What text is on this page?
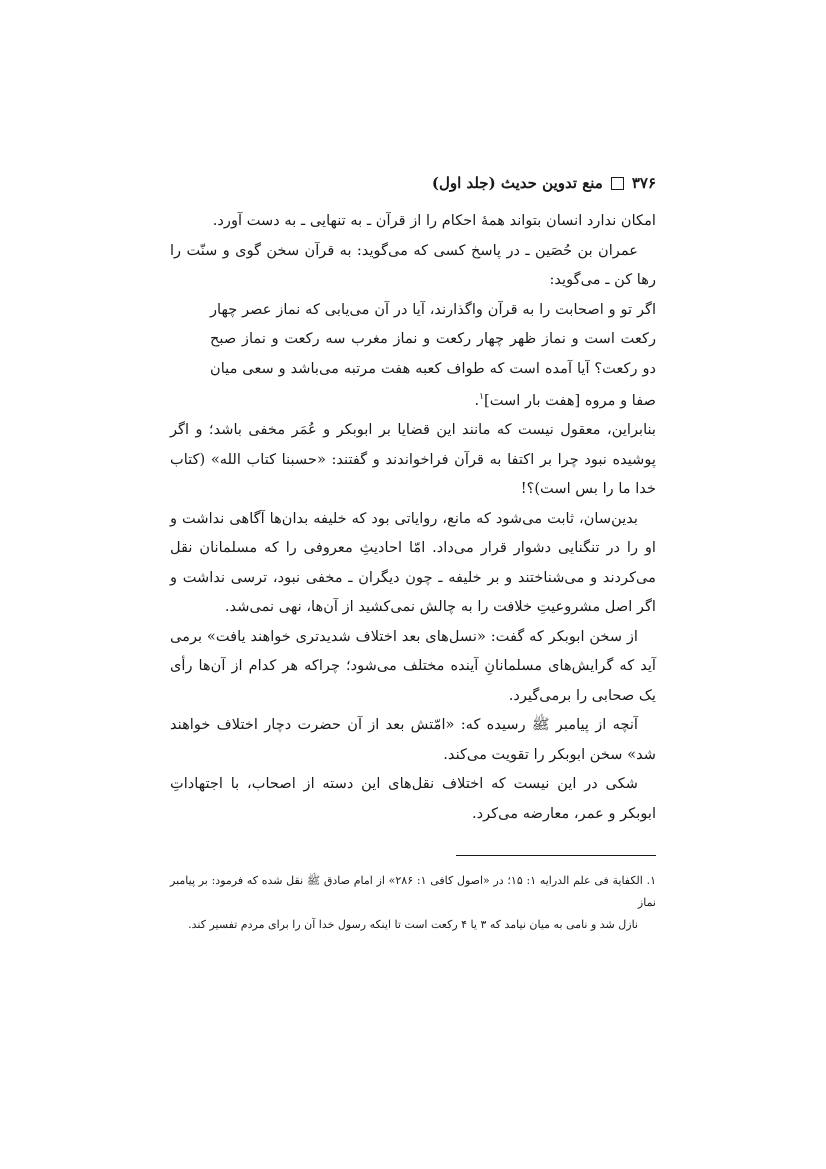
۳۷۶
منع تدوین حدیث (جلد اول)

امکان ندارد انسان بتواند همهٔ احکام را از قرآن ـ به تنهایی ـ به دست آورد.

عمران بن حُصَین ـ در پاسخ کسی که می‌گوید: به قرآن سخن گوی و سنّت را رها کن ـ می‌گوید:

اگر تو و اصحابت را به قرآن واگذارند، آیا در آن می‌یابی که نماز عصر چهار رکعت است و نماز ظهر چهار رکعت و نماز مغرب سه رکعت و نماز صبح دو رکعت؟ آیا آمده است که طواف کعبه هفت مرتبه می‌باشد و سعی میان صفا و مروه [هفت بار است]$^۱$.

بنابراین، معقول نیست که مانند این قضایا بر ابوبکر و عُمَر مخفی باشد؛ و اگر پوشیده نبود چرا بر اکتفا به قرآن فراخواندند و گفتند: «حسبنا کتاب الله» (کتاب خدا ما را بس است)؟!

بدین‌سان، ثابت می‌شود که مانع، روایاتی بود که خلیفه بدان‌ها آگاهی نداشت و او را در تنگنایی دشوار قرار می‌داد. امّا احادیثِ معروفی را که مسلمانان نقل می‌کردند و می‌شناختند و بر خلیفه ـ چون دیگران ـ مخفی نبود، ترسی نداشت و اگر اصل مشروعیتِ خلافت را به چالش نمی‌کشید از آن‌ها، نهی نمی‌شد.

از سخن ابوبکر که گفت: «نسل‌های بعد اختلاف شدیدتری خواهند یافت» برمی آید که گرایش‌های مسلمانانِ آینده مختلف می‌شود؛ چراکه هر کدام از آن‌ها رأی یک صحابی را برمی‌گیرد.

آنچه از پیامبر ﷺ رسیده که: «امّتش بعد از آن حضرت دچار اختلاف خواهند شد» سخن ابوبکر را تقویت می‌کند.

شکی در این نیست که اختلاف نقل‌های این دسته از اصحاب، با اجتهاداتِ ابوبکر و عمر، معارضه می‌کرد.

۱. الکفایة فی علم الدرایه ۱: ۱۵؛ در «اصول کافی ۱: ۲۸۶» از امام صادق ﷺ نقل شده که فرمود: بر پیامبر نماز
نازل شد و نامی به میان نیامد که ۳ یا ۴ رکعت است تا اینکه رسول خدا آن را برای مردم تفسیر کند.
